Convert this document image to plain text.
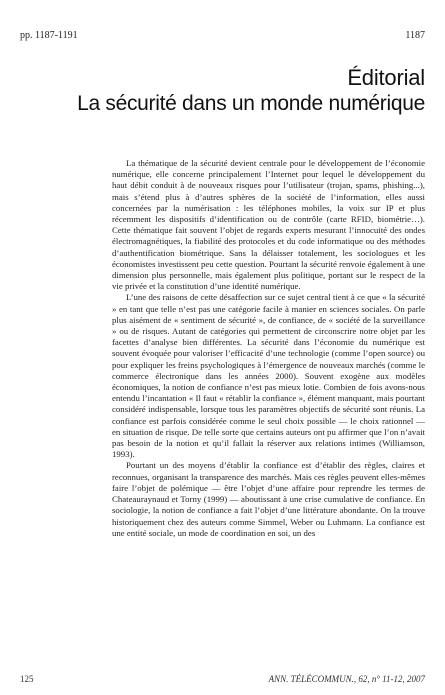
pp. 1187-1191	1187
Éditorial
La sécurité dans un monde numérique

La thématique de la sécurité devient centrale pour le développement de l’économie numérique, elle concerne principalement l’Internet pour lequel le développement du haut débit conduit à de nouveaux risques pour l’utilisateur (trojan, spams, phishing...), mais s’étend plus à d’autres sphères de la société de l’information, elles aussi concernées par la numérisation : les téléphones mobiles, la voix sur IP et plus récemment les dispositifs d’identification ou de contrôle (carte RFID, biométrie…). Cette thématique fait souvent l’objet de regards experts mesurant l’innocuité des ondes électromagnétiques, la fiabilité des protocoles et du code informatique ou des méthodes d’authentification biométrique. Sans la délaisser totalement, les sociologues et les économistes investissent peu cette question. Pourtant la sécurité renvoie également à une dimension plus personnelle, mais également plus politique, portant sur le respect de la vie privée et la constitution d’une identité numérique.

L’une des raisons de cette désaffection sur ce sujet central tient à ce que « la sécurité » en tant que telle n’est pas une catégorie facile à manier en sciences sociales. On parle plus aisément de « sentiment de sécurité », de confiance, de « société de la surveillance » ou de risques. Autant de catégories qui permettent de circonscrire notre objet par les facettes d’analyse bien différentes. La sécurité dans l’économie du numérique est souvent évoquée pour valoriser l’efficacité d’une technologie (comme l’open source) ou pour expliquer les freins psychologiques à l’émergence de nouveaux marchés (comme le commerce électronique dans les années 2000). Souvent exogène aux modèles économiques, la notion de confiance n’est pas mieux lotie. Combien de fois avons-nous entendu l’incantation « Il faut « rétablir la confiance », élément manquant, mais pourtant considéré indispensable, lorsque tous les paramètres objectifs de sécurité sont réunis. La confiance est parfois considérée comme le seul choix possible — le choix rationnel — en situation de risque. De telle sorte que certains auteurs ont pu affirmer que l’on n’avait pas besoin de la notion et qu’il fallait la réserver aux relations intimes (Williamson, 1993).

Pourtant un des moyens d’établir la confiance est d’établir des règles, claires et reconnues, organisant la transparence des marchés. Mais ces règles peuvent elles-mêmes faire l’objet de polémique — être l’objet d’une affaire pour reprendre les termes de Chateauraynaud et Torny (1999) — aboutissant à une crise cumulative de confiance. En sociologie, la notion de confiance a fait l’objet d’une littérature abondante. On la trouve historiquement chez des auteurs comme Simmel, Weber ou Luhmann. La confiance est une entité sociale, un mode de coordination en soi, un des

125	ANN. TÉLÉCOMMUN., 62, n° 11-12, 2007
